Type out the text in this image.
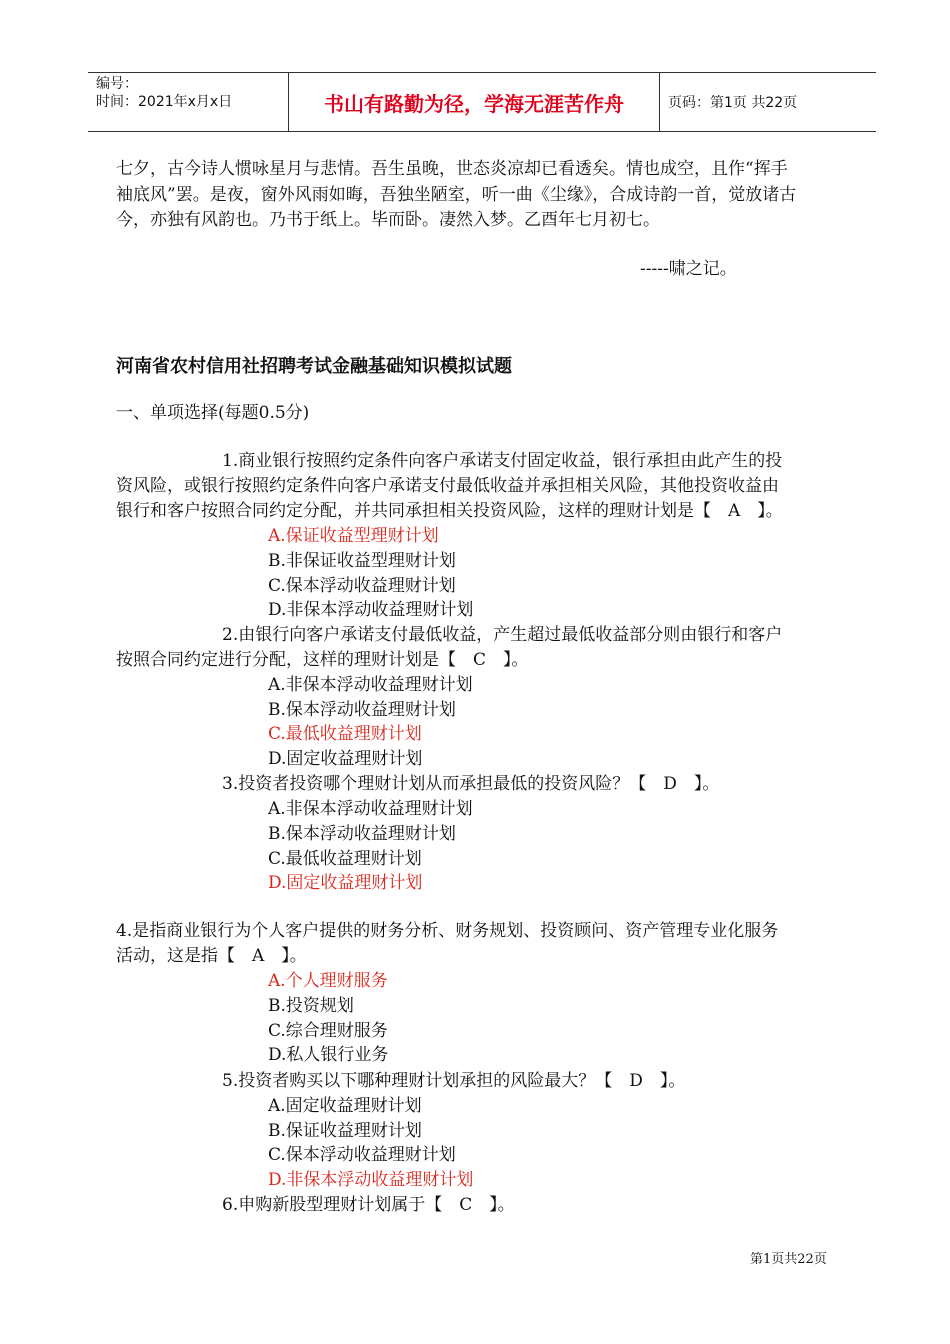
编号：
时间：2021年x月x日	书山有路勤为径，学海无涯苦作舟	页码：第1页 共22页
七夕，古今诗人惯咏星月与悲情。吾生虽晚，世态炎凉却已看透矣。情也成空，且作“挥手
袖底风”罢。是夜，窗外风雨如晦，吾独坐陋室，听一曲《尘缘》，合成诗韵一首，觉放诸古
今，亦独有风韵也。乃书于纸上。毕而卧。凄然入梦。乙酉年七月初七。
-----啸之记。
河南省农村信用社招聘考试金融基础知识模拟试题
一、单项选择(每题0.5分)
1.商业银行按照约定条件向客户承诺支付固定收益，银行承担由此产生的投
资风险，或银行按照约定条件向客户承诺支付最低收益并承担相关风险，其他投资收益由
银行和客户按照合同约定分配，并共同承担相关投资风险，这样的理财计划是【　A　】。
A.保证收益型理财计划
B.非保证收益型理财计划
C.保本浮动收益理财计划
D.非保本浮动收益理财计划
2.由银行向客户承诺支付最低收益，产生超过最低收益部分则由银行和客户
按照合同约定进行分配，这样的理财计划是【　C　】。
A.非保本浮动收益理财计划
B.保本浮动收益理财计划
C.最低收益理财计划
D.固定收益理财计划
3.投资者投资哪个理财计划从而承担最低的投资风险？【　D　】。
A.非保本浮动收益理财计划
B.保本浮动收益理财计划
C.最低收益理财计划
D.固定收益理财计划
4.是指商业银行为个人客户提供的财务分析、财务规划、投资顾问、资产管理专业化服务
活动，这是指【　A　】。
A.个人理财服务
B.投资规划
C.综合理财服务
D.私人银行业务
5.投资者购买以下哪种理财计划承担的风险最大？【　D　】。
A.固定收益理财计划
B.保证收益理财计划
C.保本浮动收益理财计划
D.非保本浮动收益理财计划
6.申购新股型理财计划属于【　C　】。
第1页共22页
